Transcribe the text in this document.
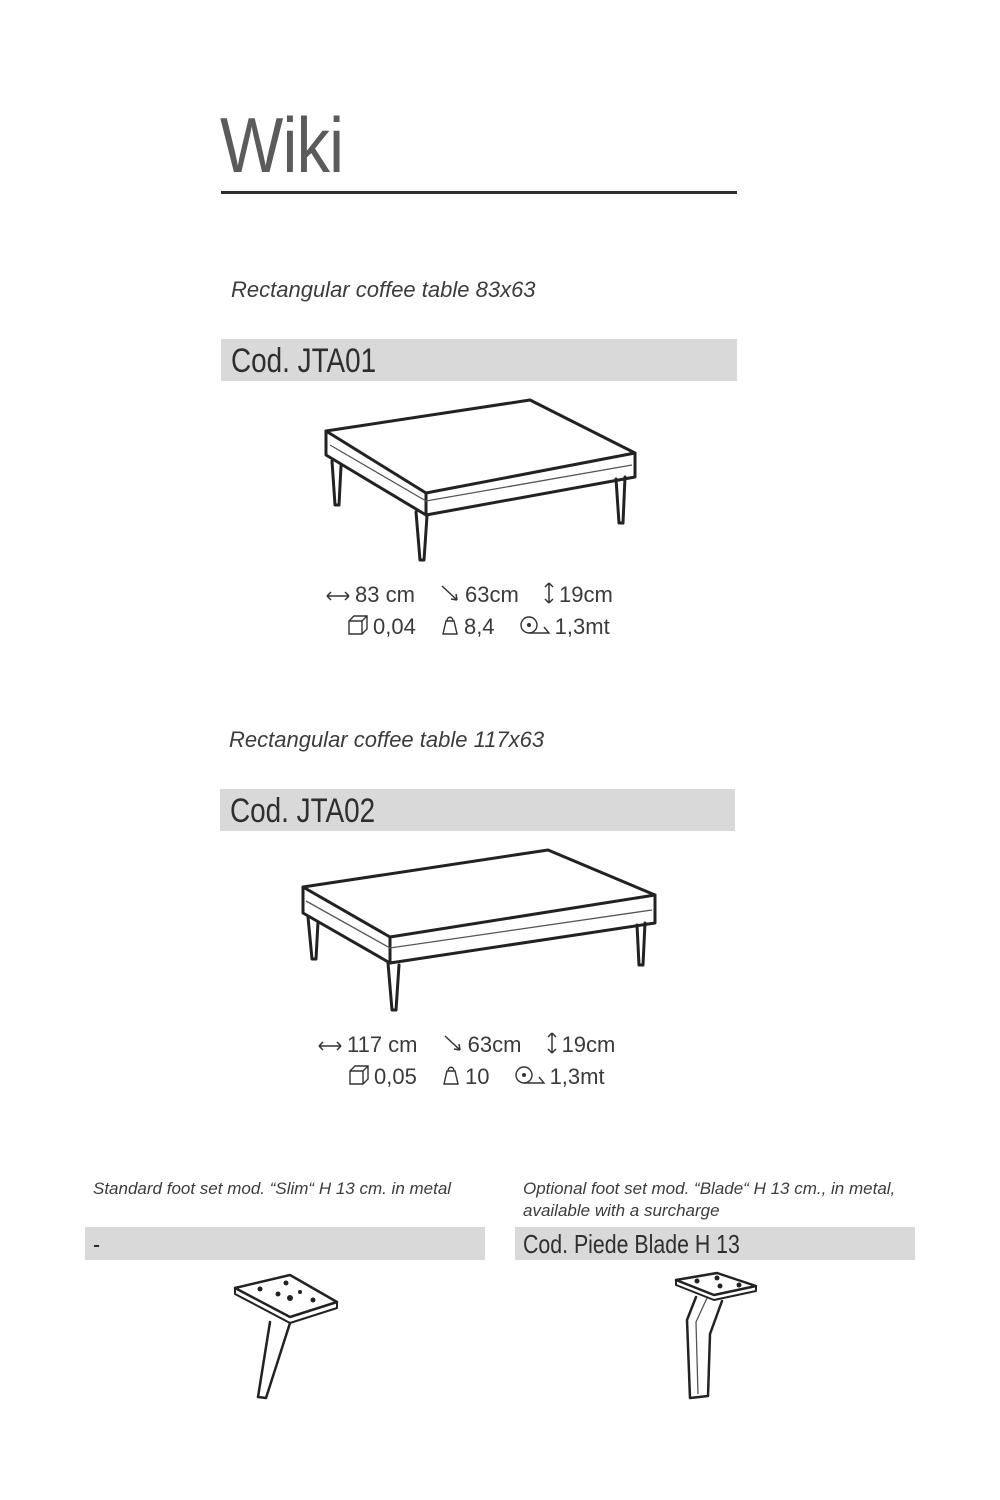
Wiki
Rectangular coffee table 83x63
Cod. JTA01
83 cm 63cm 19cm
0,04 8,4	1,3mt
Rectangular coffee table 117x63
Cod. JTA02
117 cm 63cm 19cm
0,05 10	1,3mt
Standard foot set mod. “Slim“ H 13 cm. in metal
-
Optional foot set mod. “Blade“ H 13 cm., in metal, available with a surcharge
Cod. Piede Blade H 13
